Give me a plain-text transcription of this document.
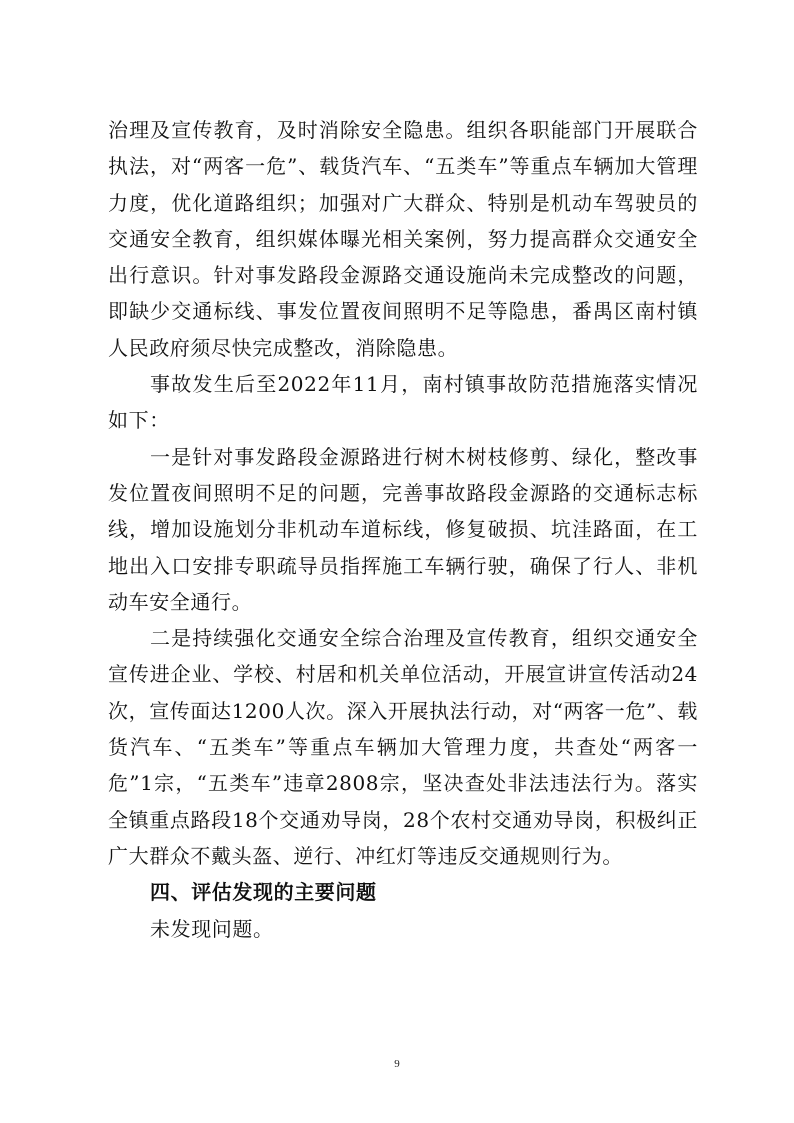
治理及宣传教育，及时消除安全隐患。组织各职能部门开展联合执法，对“两客一危”、载货汽车、“五类车”等重点车辆加大管理力度，优化道路组织；加强对广大群众、特别是机动车驾驶员的交通安全教育，组织媒体曝光相关案例，努力提高群众交通安全出行意识。针对事发路段金源路交通设施尚未完成整改的问题，即缺少交通标线、事发位置夜间照明不足等隐患，番禺区南村镇人民政府须尽快完成整改，消除隐患。

事故发生后至2022年11月，南村镇事故防范措施落实情况如下：

一是针对事发路段金源路进行树木树枝修剪、绿化，整改事发位置夜间照明不足的问题，完善事故路段金源路的交通标志标线，增加设施划分非机动车道标线，修复破损、坑洼路面，在工地出入口安排专职疏导员指挥施工车辆行驶，确保了行人、非机动车安全通行。

二是持续强化交通安全综合治理及宣传教育，组织交通安全宣传进企业、学校、村居和机关单位活动，开展宣讲宣传活动24次，宣传面达1200人次。深入开展执法行动，对“两客一危”、载货汽车、“五类车”等重点车辆加大管理力度，共查处“两客一危”1宗，“五类车”违章2808宗，坚决查处非法违法行为。落实全镇重点路段18个交通劝导岗，28个农村交通劝导岗，积极纠正广大群众不戴头盔、逆行、冲红灯等违反交通规则行为。

四、评估发现的主要问题

未发现问题。

9
